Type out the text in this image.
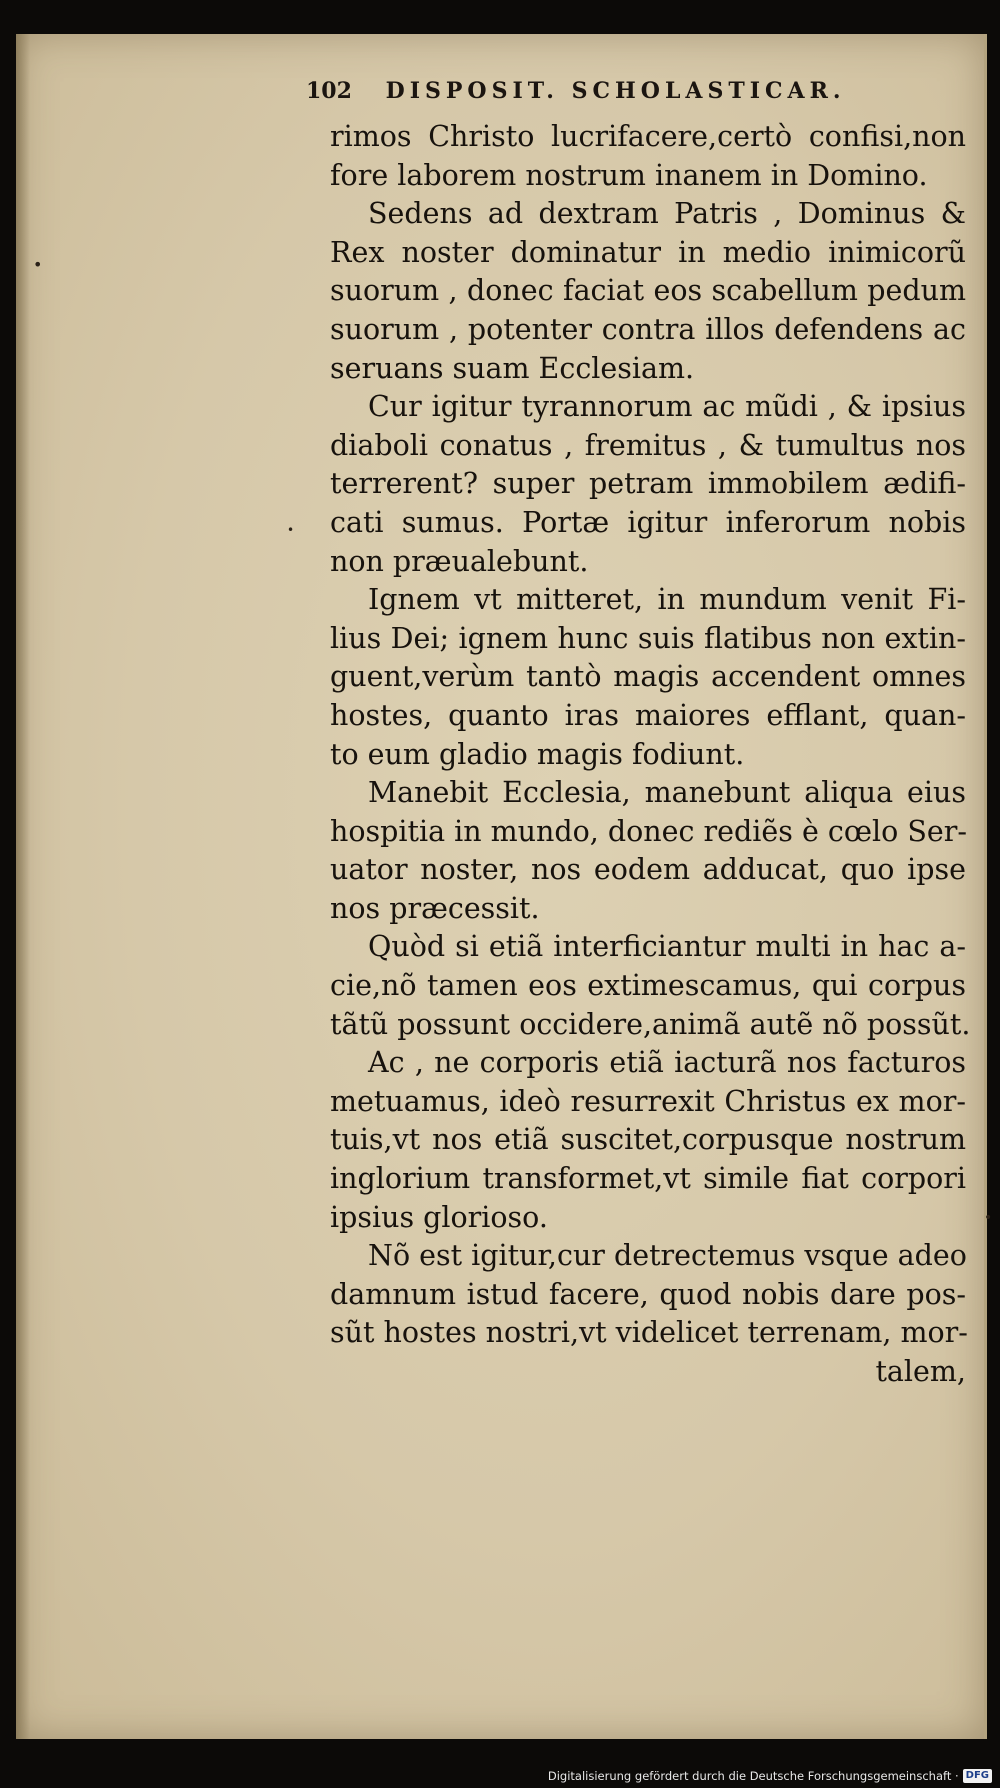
102 DISPOSIT. SCHOLASTICAR.
rimos Christo lucrifacere,certò confisi,non
fore laborem nostrum inanem in Domino.
Sedens ad dextram Patris , Dominus &
Rex noster dominatur in medio inimicorũ
suorum , donec faciat eos scabellum pedum
suorum , potenter contra illos defendens ac
seruans suam Ecclesiam.
Cur igitur tyrannorum ac mũdi , & ipsius
diaboli conatus , fremitus , & tumultus nos
terrerent? super petram immobilem ædifi-
cati sumus. Portæ igitur inferorum nobis
non præualebunt.
Ignem vt mitteret, in mundum venit Fi-
lius Dei; ignem hunc suis flatibus non extin-
guent,verùm tantò magis accendent omnes
hostes, quanto iras maiores efflant, quan-
to eum gladio magis fodiunt.
Manebit Ecclesia, manebunt aliqua eius
hospitia in mundo, donec rediẽs è cœlo Ser-
uator noster, nos eodem adducat, quo ipse
nos præcessit.
Quòd si etiã interficiantur multi in hac a-
cie,nõ tamen eos extimescamus, qui corpus
tãtũ possunt occidere,animã autẽ nõ possũt.
Ac , ne corporis etiã iacturã nos facturos
metuamus, ideò resurrexit Christus ex mor-
tuis,vt nos etiã suscitet,corpusque nostrum
inglorium transformet,vt simile fiat corpori
ipsius glorioso.
Nõ est igitur,cur detrectemus vsque adeo
damnum istud facere, quod nobis dare pos-
sũt hostes nostri,vt videlicet terrenam, mor-
talem,
•
•
•
Digitalisierung gefördert durch die Deutsche Forschungsgemeinschaft · DFG
